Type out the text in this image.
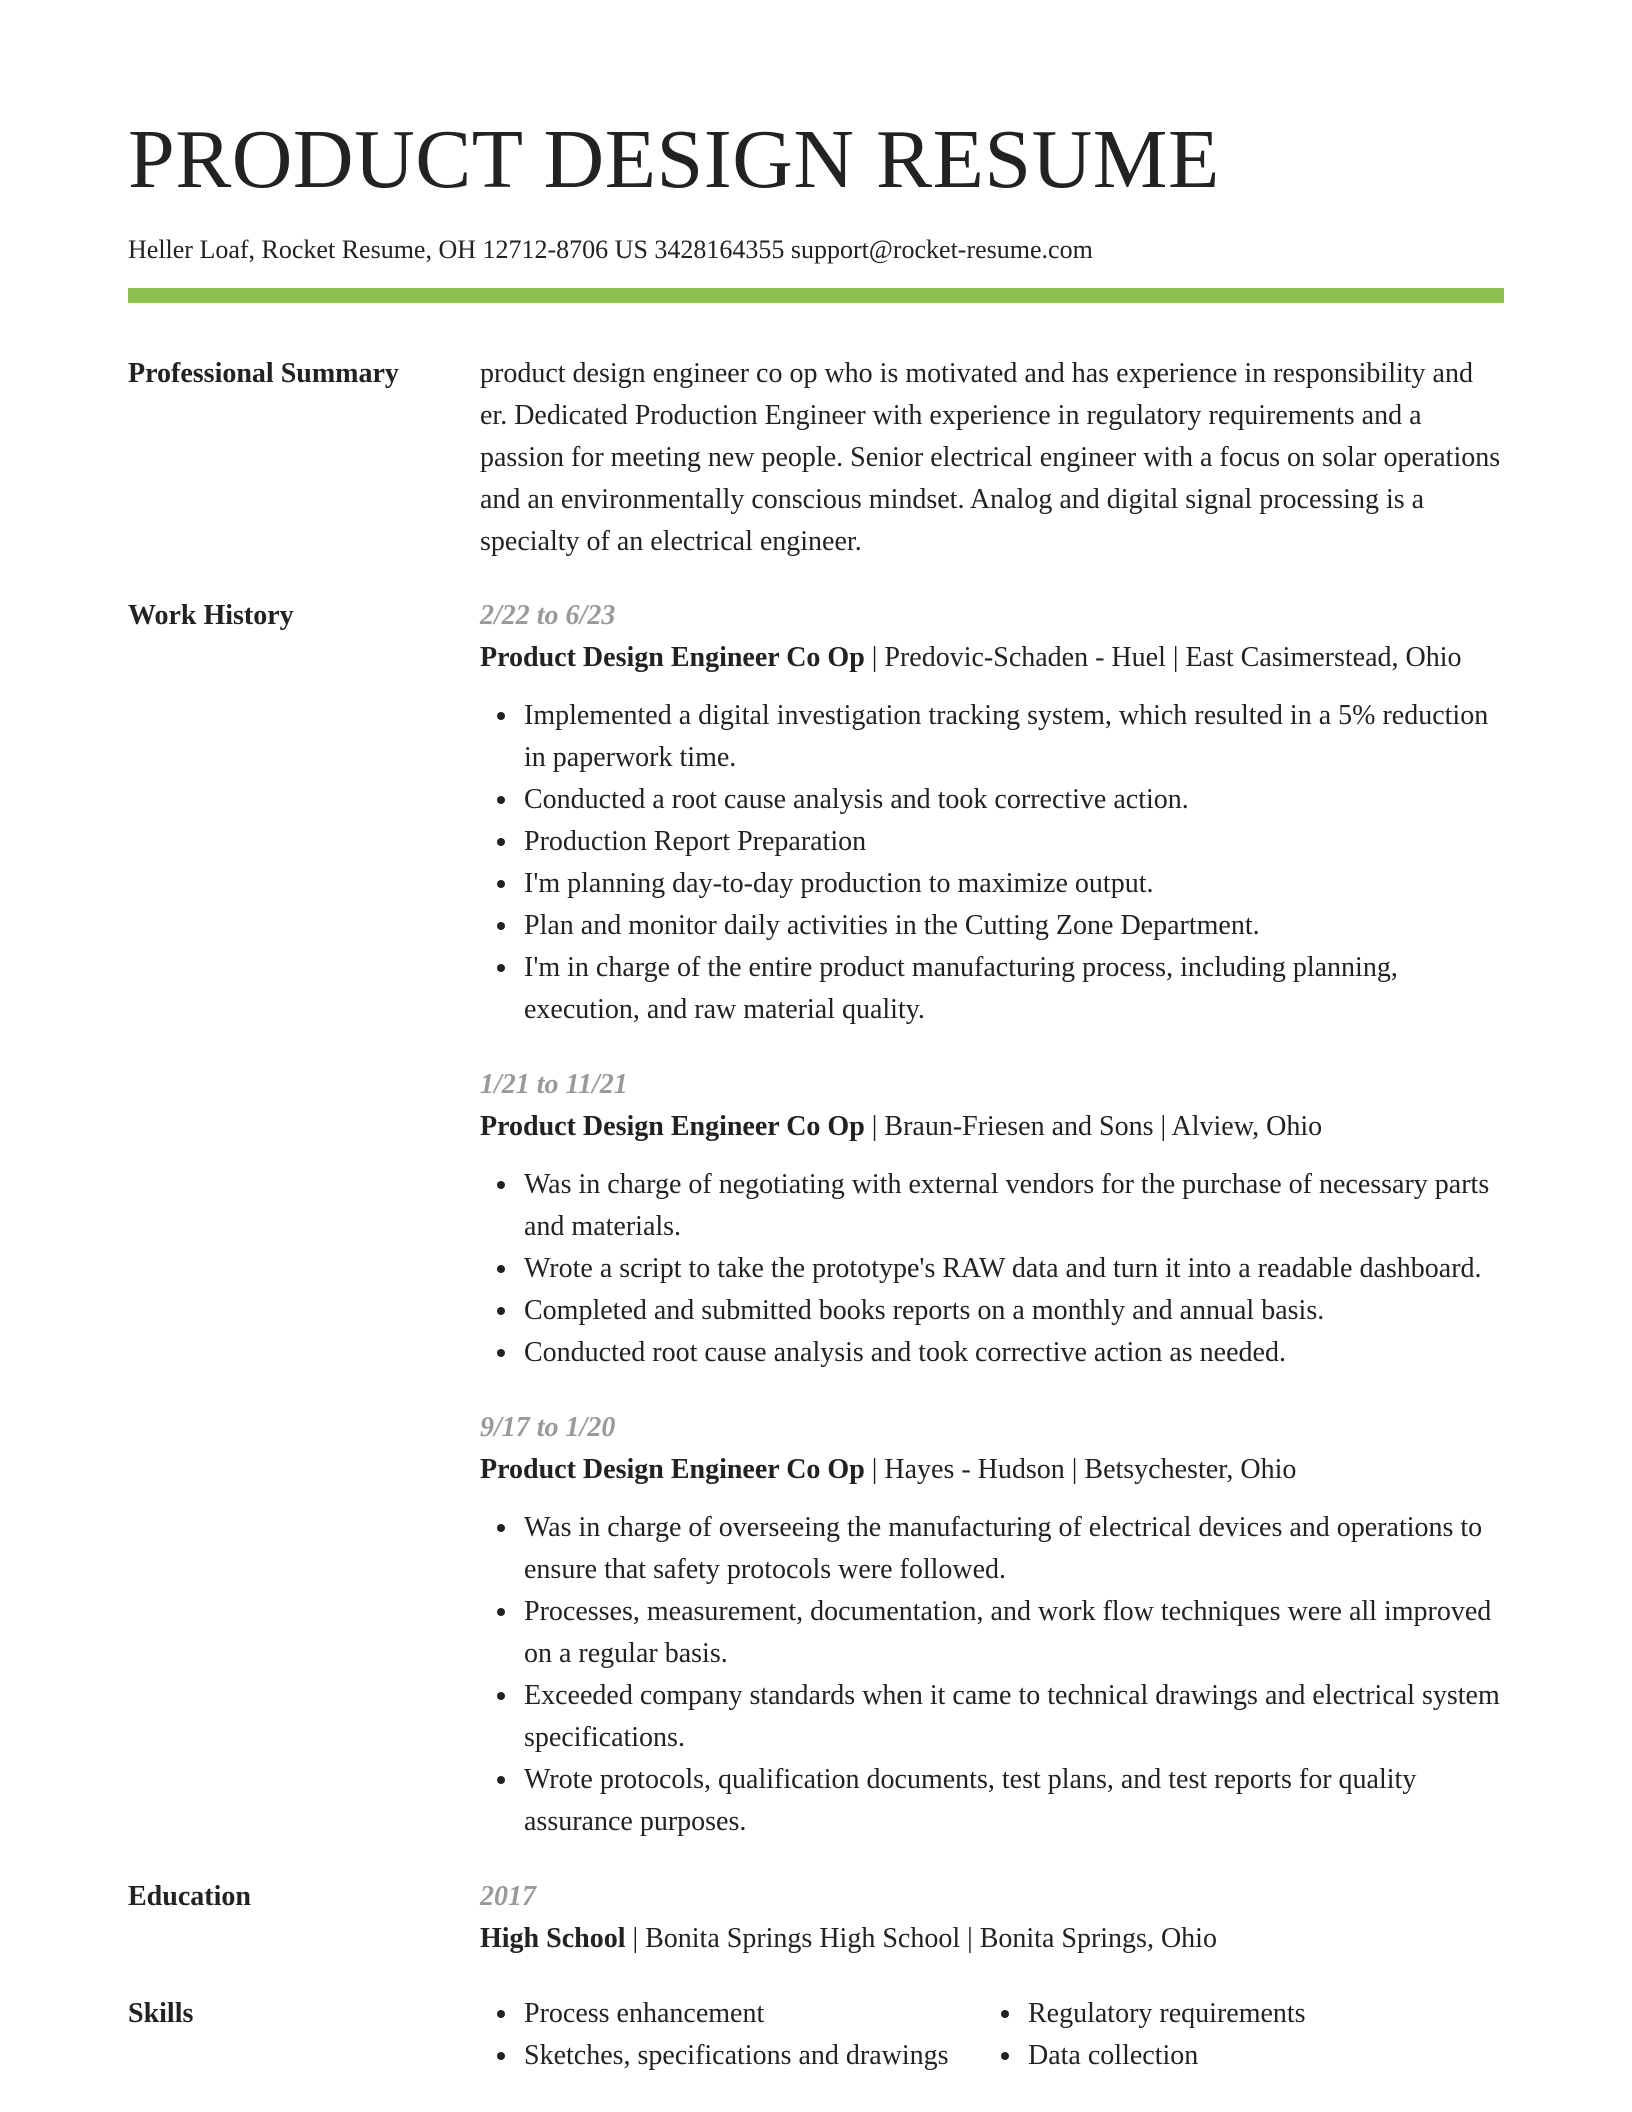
PRODUCT DESIGN RESUME
Heller Loaf, Rocket Resume, OH 12712-8706 US 3428164355 support@rocket-resume.com
Professional Summary	product design engineer co op who is motivated and has experience in responsibility and er. Dedicated Production Engineer with experience in regulatory requirements and a passion for meeting new people. Senior electrical engineer with a focus on solar operations and an environmentally conscious mindset. Analog and digital signal processing is a specialty of an electrical engineer.
Work History	2/22 to 6/23
Product Design Engineer Co Op | Predovic-Schaden - Huel | East Casimerstead, Ohio
Implemented a digital investigation tracking system, which resulted in a 5% reduction in paperwork time.
Conducted a root cause analysis and took corrective action.
Production Report Preparation
I'm planning day-to-day production to maximize output.
Plan and monitor daily activities in the Cutting Zone Department.
I'm in charge of the entire product manufacturing process, including planning, execution, and raw material quality.
1/21 to 11/21
Product Design Engineer Co Op | Braun-Friesen and Sons | Alview, Ohio
Was in charge of negotiating with external vendors for the purchase of necessary parts and materials.
Wrote a script to take the prototype's RAW data and turn it into a readable dashboard.
Completed and submitted books reports on a monthly and annual basis.
Conducted root cause analysis and took corrective action as needed.
9/17 to 1/20
Product Design Engineer Co Op | Hayes - Hudson | Betsychester, Ohio
Was in charge of overseeing the manufacturing of electrical devices and operations to ensure that safety protocols were followed.
Processes, measurement, documentation, and work flow techniques were all improved on a regular basis.
Exceeded company standards when it came to technical drawings and electrical system specifications.
Wrote protocols, qualification documents, test plans, and test reports for quality assurance purposes.
Education	2017
High School | Bonita Springs High School | Bonita Springs, Ohio
Skills	Process enhancement
Sketches, specifications and drawings
Regulatory requirements
Data collection
